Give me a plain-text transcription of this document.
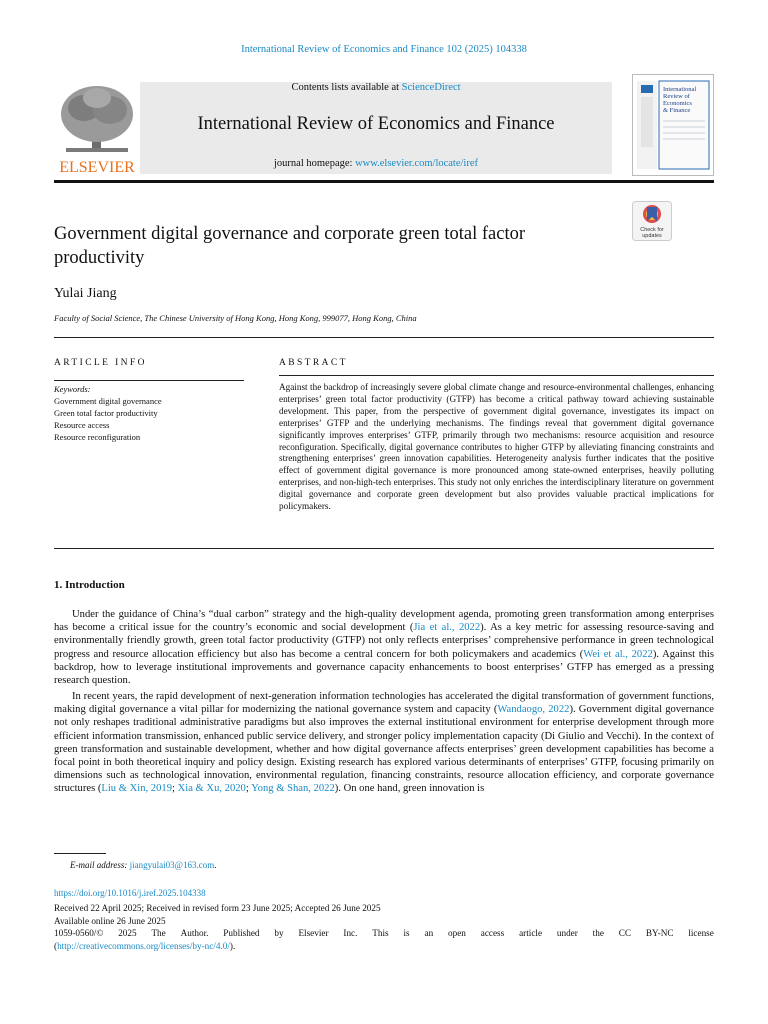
International Review of Economics and Finance 102 (2025) 104338
ELSEVIER
Contents lists available at ScienceDirect
International Review of Economics and Finance
journal homepage: www.elsevier.com/locate/iref
International
Review of
Economics
& Finance
Government digital governance and corporate green total factor productivity
Check for
updates
Yulai Jiang
Faculty of Social Science, The Chinese University of Hong Kong, Hong Kong, 999077, Hong Kong, China
ARTICLE INFO	ABSTRACT
Keywords:
Government digital governance
Green total factor productivity
Resource access
Resource reconfiguration
Against the backdrop of increasingly severe global climate change and resource-environmental challenges, enhancing enterprises’ green total factor productivity (GTFP) has become a critical pathway toward achieving sustainable development. This paper, from the perspective of government digital governance, investigates its impact on enterprises’ GTFP and the underlying mechanisms. The findings reveal that government digital governance significantly improves enterprises’ GTFP, primarily through two mechanisms: resource acquisition and resource reconfiguration. Specifically, digital governance contributes to higher GTFP by alleviating financing constraints and strengthening enterprises’ green innovation capabilities. Heterogeneity analysis further indicates that the positive effect of government digital governance is more pronounced among state-owned enterprises, heavily polluting enterprises, and non-high-tech enterprises. This study not only enriches the interdisciplinary literature on government digital governance and corporate green development but also provides valuable practical implications for policymakers.
1. Introduction

Under the guidance of China’s “dual carbon” strategy and the high-quality development agenda, promoting green transformation among enterprises has become a critical issue for the country’s economic and social development (Jia et al., 2022). As a key metric for assessing resource-saving and environmentally friendly growth, green total factor productivity (GTFP) not only reflects enterprises’ comprehensive performance in green technological progress and resource allocation efficiency but also has become a central concern for both policymakers and academics (Wei et al., 2022). Against this backdrop, how to leverage institutional improvements and governance capacity enhancements to boost enterprises’ GTFP has emerged as a pressing research question.

In recent years, the rapid development of next-generation information technologies has accelerated the digital transformation of government functions, making digital governance a vital pillar for modernizing the national governance system and capacity (Wandaogo, 2022). Government digital governance not only reshapes traditional administrative paradigms but also improves the external institutional environment for enterprise development through more efficient information transmission, enhanced public service delivery, and stronger policy implementation capacity (Di Giulio and Vecchi). In the context of green transformation and sustainable development, whether and how digital governance affects enterprises’ green development capabilities has become a focal point in both theoretical inquiry and policy design. Existing research has explored various determinants of enterprises’ GTFP, focusing primarily on dimensions such as technological innovation, environmental regulation, financing constraints, resource allocation efficiency, and corporate governance structures (Liu & Xin, 2019; Xia & Xu, 2020; Yong & Shan, 2022). On one hand, green innovation is

E-mail address: jiangyulai03@163.com.
https://doi.org/10.1016/j.iref.2025.104338
Received 22 April 2025; Received in revised form 23 June 2025; Accepted 26 June 2025
Available online 26 June 2025
1059-0560/© 2025 The Author. Published by Elsevier Inc. This is an open access article under the CC BY-NC license
(http://creativecommons.org/licenses/by-nc/4.0/).
